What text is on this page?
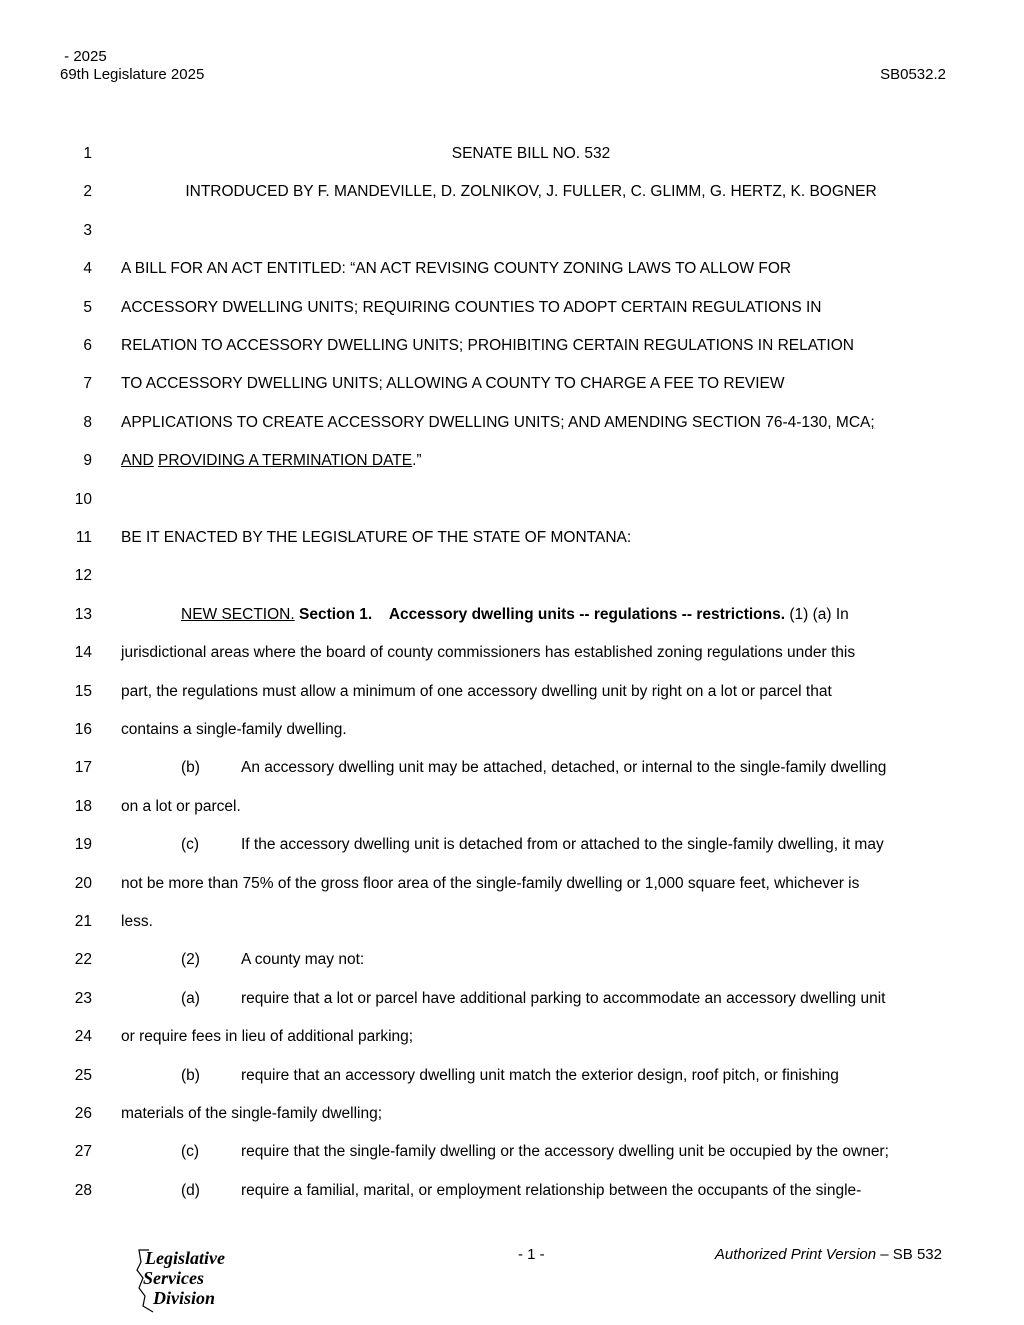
- 2025
69th Legislature 2025	SB0532.2
1	SENATE BILL NO. 532
2	INTRODUCED BY F. MANDEVILLE, D. ZOLNIKOV, J. FULLER, C. GLIMM, G. HERTZ, K. BOGNER
3
4 A BILL FOR AN ACT ENTITLED: “AN ACT REVISING COUNTY ZONING LAWS TO ALLOW FOR
5 ACCESSORY DWELLING UNITS; REQUIRING COUNTIES TO ADOPT CERTAIN REGULATIONS IN
6 RELATION TO ACCESSORY DWELLING UNITS; PROHIBITING CERTAIN REGULATIONS IN RELATION
7 TO ACCESSORY DWELLING UNITS; ALLOWING A COUNTY TO CHARGE A FEE TO REVIEW
8 APPLICATIONS TO CREATE ACCESSORY DWELLING UNITS; AND AMENDING SECTION 76-4-130, MCA;
9 AND PROVIDING A TERMINATION DATE.”
10
11 BE IT ENACTED BY THE LEGISLATURE OF THE STATE OF MONTANA:
12
13	NEW SECTION. Section 1.    Accessory dwelling units -- regulations -- restrictions. (1) (a) In
14 jurisdictional areas where the board of county commissioners has established zoning regulations under this
15 part, the regulations must allow a minimum of one accessory dwelling unit by right on a lot or parcel that
16 contains a single-family dwelling.
17	(b)	An accessory dwelling unit may be attached, detached, or internal to the single-family dwelling
18 on a lot or parcel.
19	(c)	If the accessory dwelling unit is detached from or attached to the single-family dwelling, it may
20 not be more than 75% of the gross floor area of the single-family dwelling or 1,000 square feet, whichever is
21 less.
22	(2)	A county may not:
23	(a)	require that a lot or parcel have additional parking to accommodate an accessory dwelling unit
24 or require fees in lieu of additional parking;
25	(b)	require that an accessory dwelling unit match the exterior design, roof pitch, or finishing
26 materials of the single-family dwelling;
27	(c)	require that the single-family dwelling or the accessory dwelling unit be occupied by the owner;
28	(d)	require a familial, marital, or employment relationship between the occupants of the single-
Legislative
Services
Division
- 1 -	Authorized Print Version – SB 532
